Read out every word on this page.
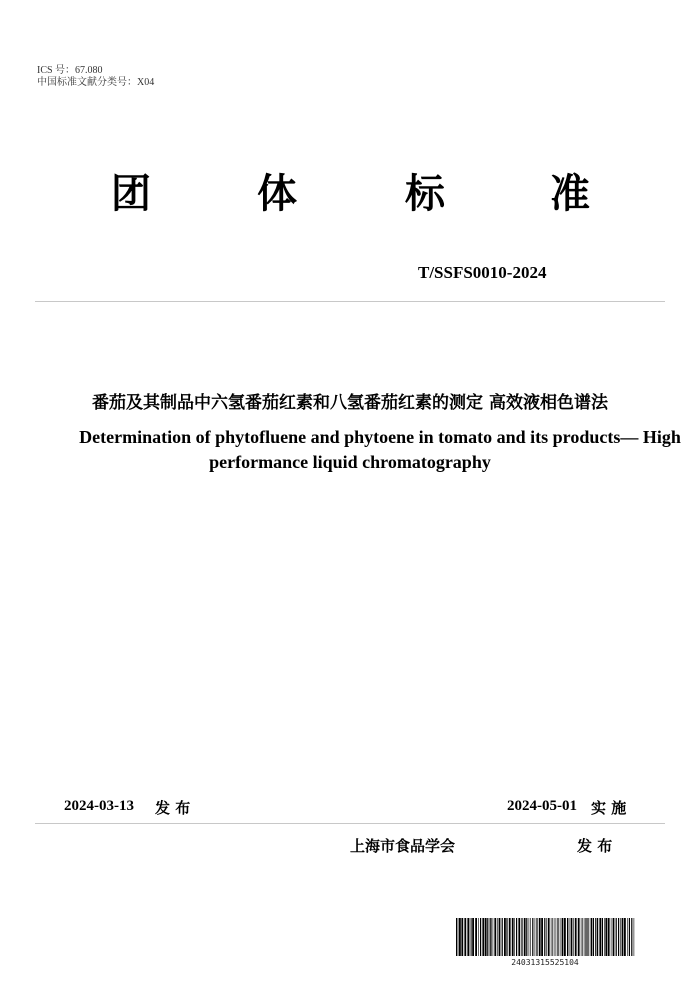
ICS 号：67.080
中国标准文献分类号：X04
团	体	标	准
T/SSFS0010-2024
番茄及其制品中六氢番茄红素和八氢番茄红素的测定 高效液相色谱法
Determination of phytofluene and phytoene in tomato and its products— High
performance liquid chromatography
2024-03-13 发 布	2024-05-01 实 施
上海市食品学会	发 布
24031315525104
